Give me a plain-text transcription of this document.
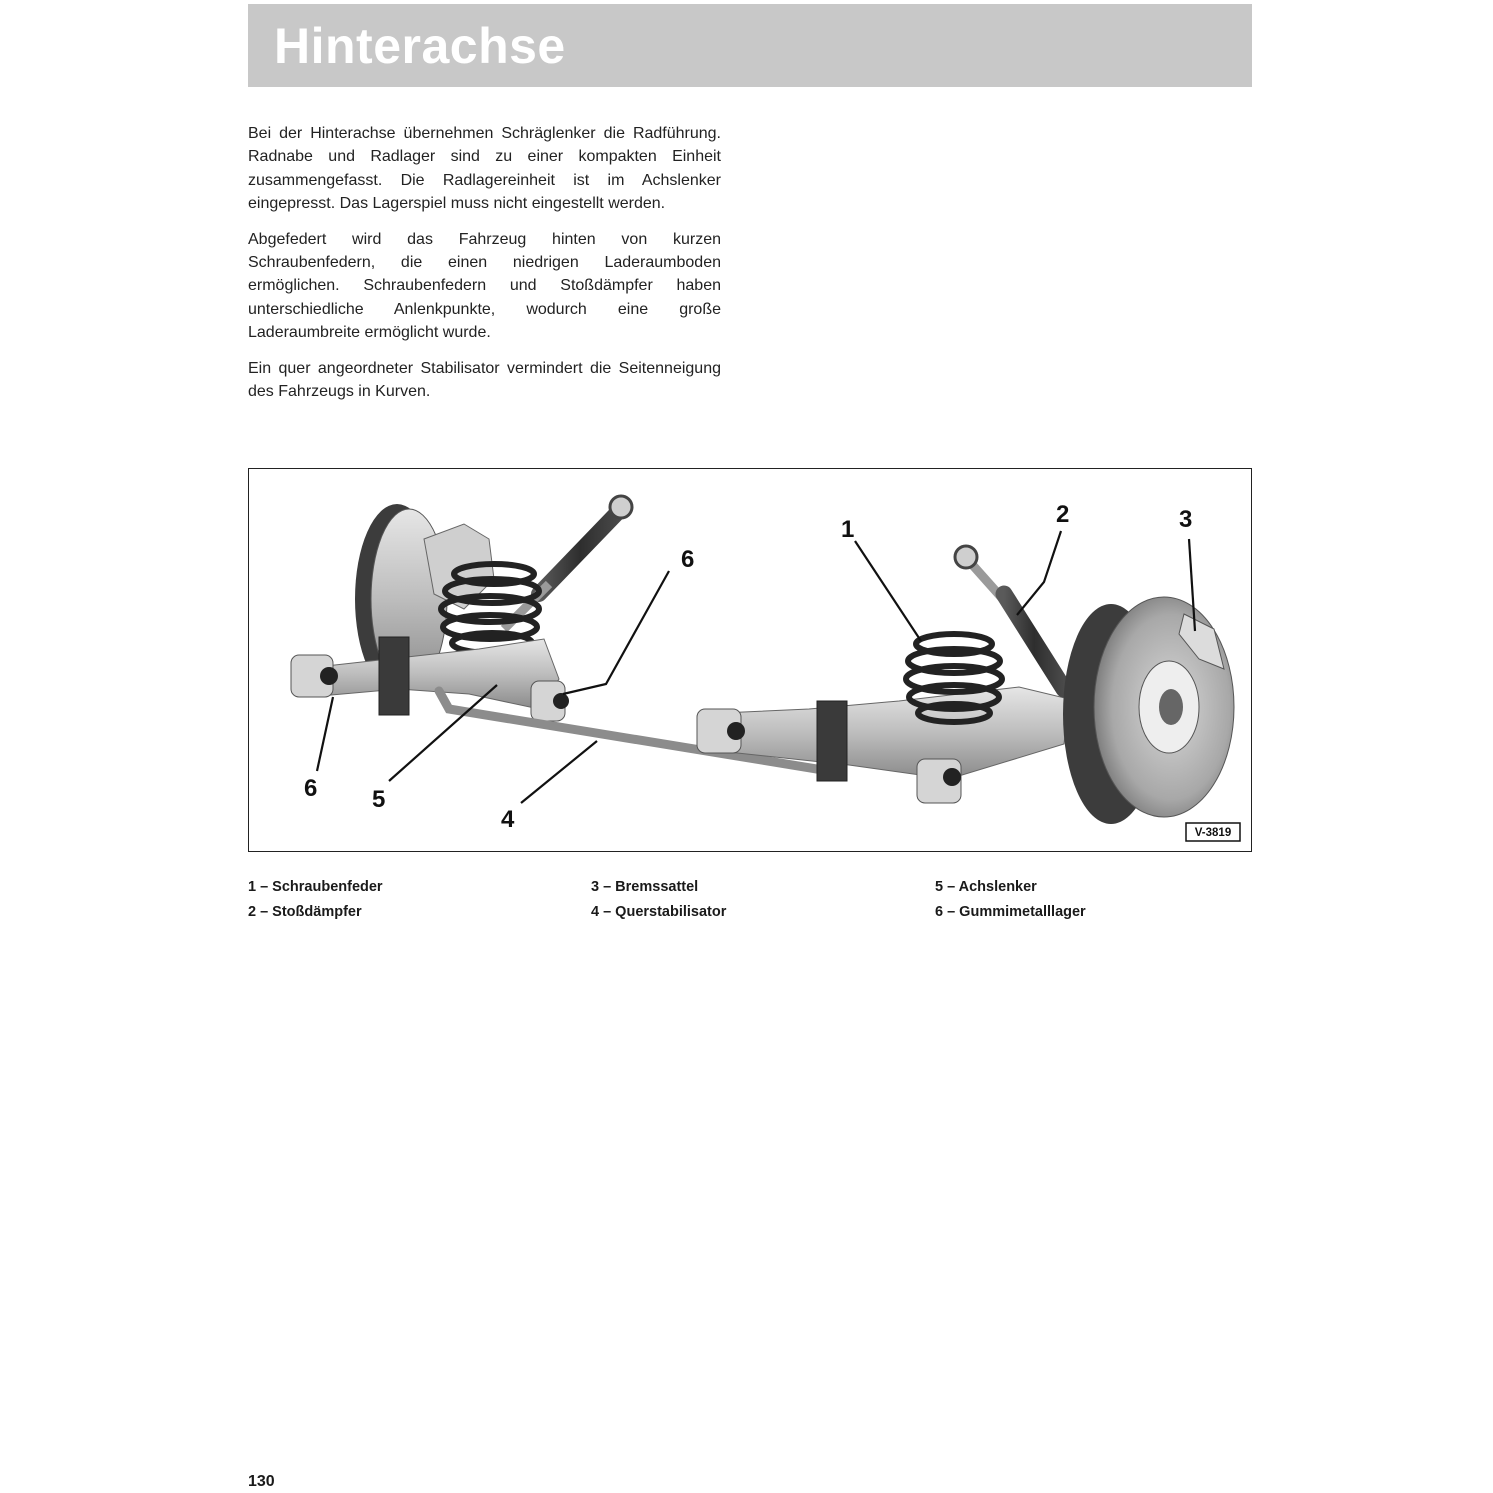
Hinterachse

Bei der Hinterachse übernehmen Schräglenker die Radführung. Radnabe und Radlager sind zu einer kompakten Einheit zusammengefasst. Die Radlagereinheit ist im Achslenker eingepresst. Das Lagerspiel muss nicht eingestellt werden.

Abgefedert wird das Fahrzeug hinten von kurzen Schraubenfedern, die einen niedrigen Laderaumboden ermöglichen. Schraubenfedern und Stoßdämpfer haben unterschiedliche Anlenkpunkte, wodurch eine große Laderaumbreite ermöglicht wurde.

Ein quer angeordneter Stabilisator vermindert die Seitenneigung des Fahrzeugs in Kurven.

1
2	3
6
6 5
4	V-3819
1 – Schraubenfeder
2 – Stoßdämpfer
3 – Bremssattel
4 – Querstabilisator
5 – Achslenker
6 – Gummimetalllager
130
